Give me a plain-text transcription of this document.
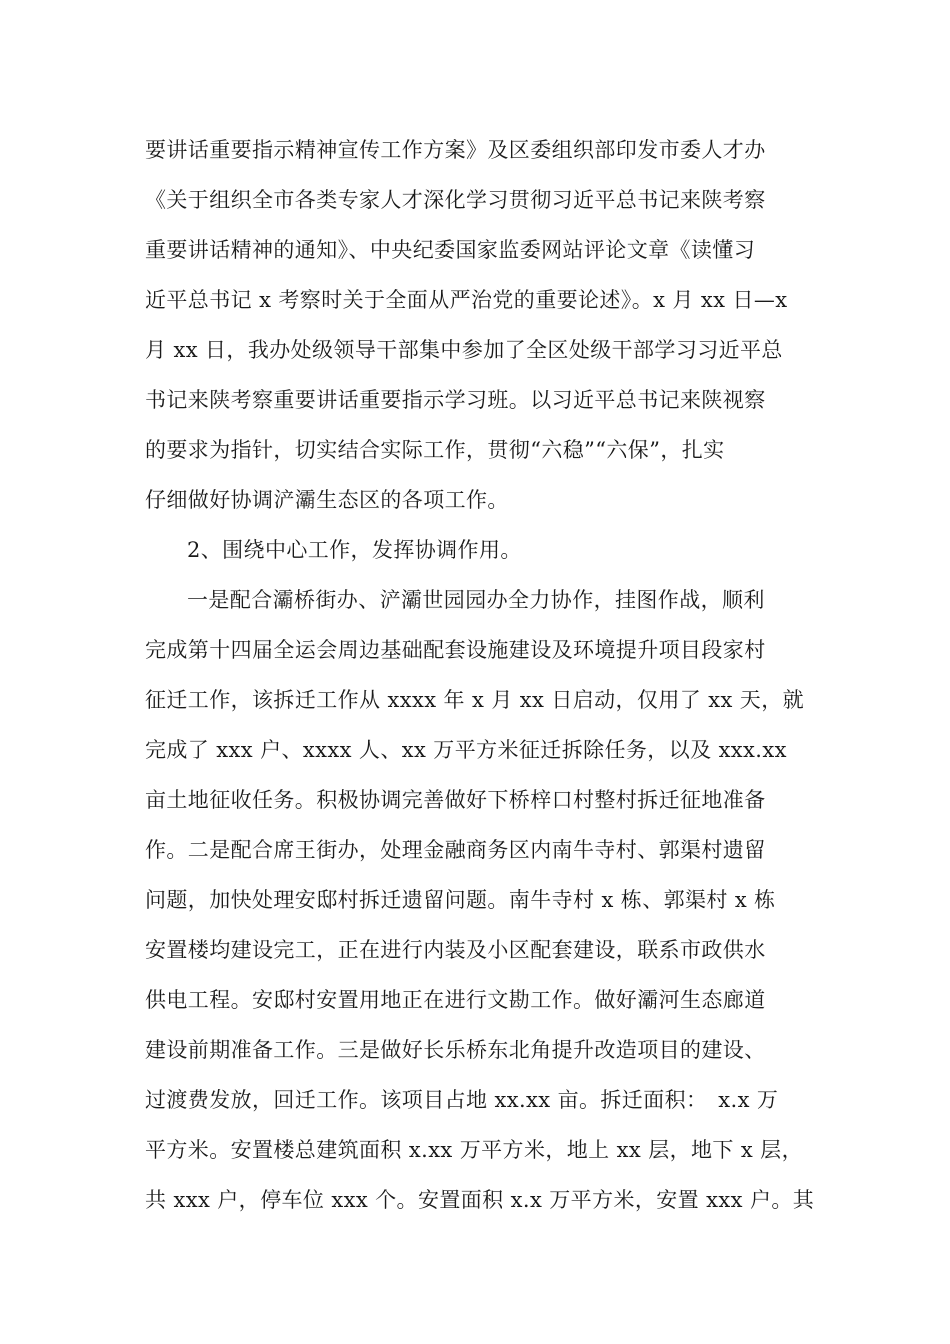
要讲话重要指示精神宣传工作方案》及区委组织部印发市委人才办
《关于组织全市各类专家人才深化学习贯彻习近平总书记来陕考察
重要讲话精神的通知》、中央纪委国家监委网站评论文章《读懂习
近平总书记 x 考察时关于全面从严治党的重要论述》。x 月 xx 日—x
月 xx 日，我办处级领导干部集中参加了全区处级干部学习习近平总
书记来陕考察重要讲话重要指示学习班。以习近平总书记来陕视察
的要求为指针，切实结合实际工作，贯彻“六稳”“六保”，扎实
仔细做好协调浐灞生态区的各项工作。
2、围绕中心工作，发挥协调作用。
一是配合灞桥街办、浐灞世园园办全力协作，挂图作战，顺利
完成第十四届全运会周边基础配套设施建设及环境提升项目段家村
征迁工作，该拆迁工作从 xxxx 年 x 月 xx 日启动，仅用了 xx 天，就
完成了 xxx 户、xxxx 人、xx 万平方米征迁拆除任务，以及 xxx.xx
亩土地征收任务。积极协调完善做好下桥梓口村整村拆迁征地准备
作。二是配合席王街办，处理金融商务区内南牛寺村、郭渠村遗留
问题，加快处理安邸村拆迁遗留问题。南牛寺村 x 栋、郭渠村 x 栋
安置楼均建设完工，正在进行内装及小区配套建设，联系市政供水
供电工程。安邸村安置用地正在进行文勘工作。做好灞河生态廊道
建设前期准备工作。三是做好长乐桥东北角提升改造项目的建设、
过渡费发放，回迁工作。该项目占地 xx.xx 亩。拆迁面积：　x.x 万
平方米。安置楼总建筑面积 x.xx 万平方米，地上 xx 层，地下 x 层，
共 xxx 户，停车位 xxx 个。安置面积 x.x 万平方米，安置 xxx 户。其
